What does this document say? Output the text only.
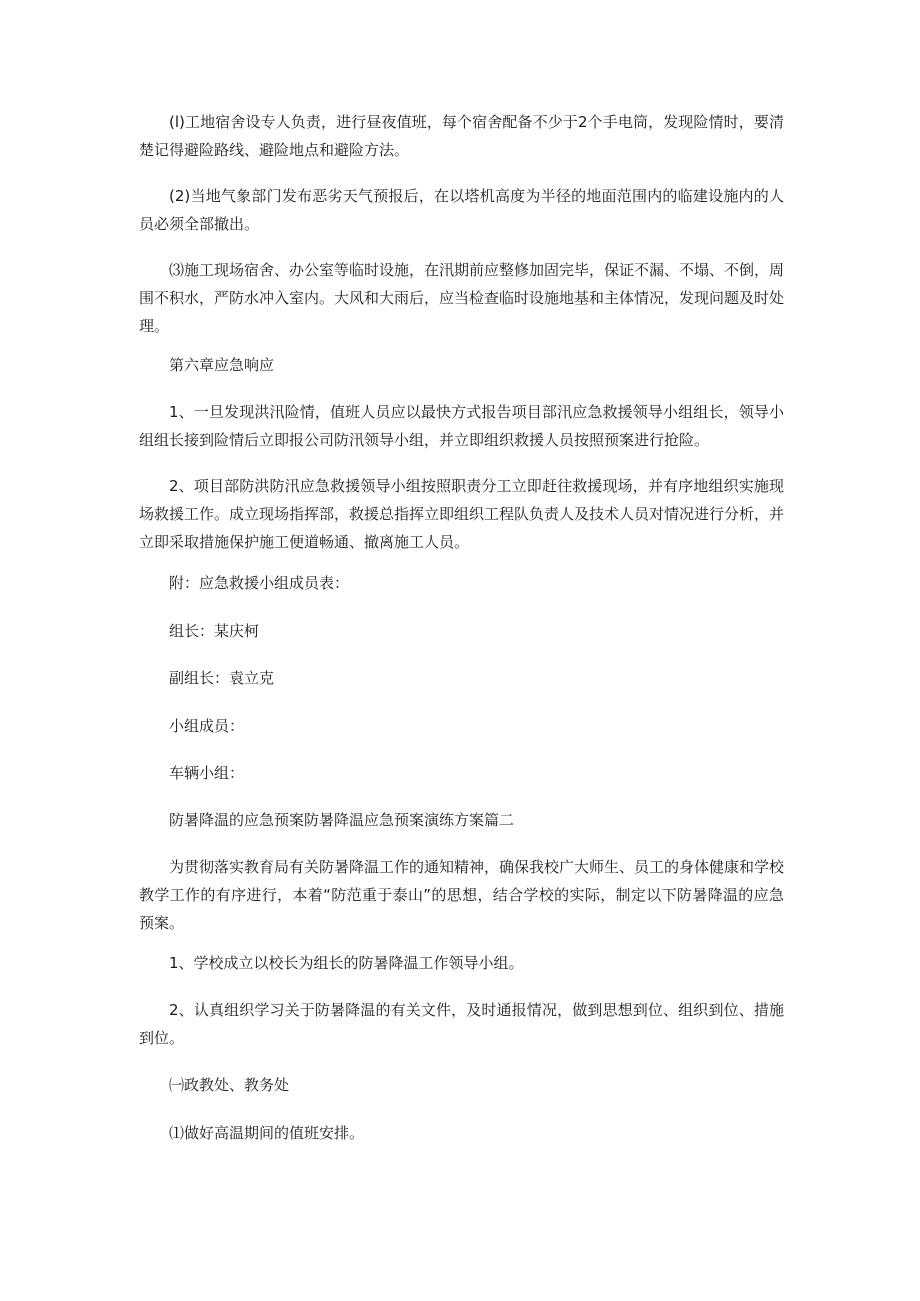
(l)工地宿舍设专人负责，进行昼夜值班，每个宿舍配备不少于2个手电筒，发现险情时，要清楚记得避险路线、避险地点和避险方法。

(2)当地气象部门发布恶劣天气预报后，在以塔机高度为半径的地面范围内的临建设施内的人员必须全部撤出。

⑶施工现场宿舍、办公室等临时设施，在汛期前应整修加固完毕，保证不漏、不塌、不倒，周围不积水，严防水冲入室内。大风和大雨后，应当检查临时设施地基和主体情况，发现问题及时处理。

第六章应急响应

1、一旦发现洪汛险情，值班人员应以最快方式报告项目部汛应急救援领导小组组长，领导小组组长接到险情后立即报公司防汛领导小组，并立即组织救援人员按照预案进行抢险。

2、项目部防洪防汛应急救援领导小组按照职责分工立即赶往救援现场，并有序地组织实施现场救援工作。成立现场指挥部，救援总指挥立即组织工程队负责人及技术人员对情况进行分析，并立即采取措施保护施工便道畅通、撤离施工人员。

附：应急救援小组成员表：

组长：某庆柯

副组长：袁立克

小组成员：

车辆小组：

防暑降温的应急预案防暑降温应急预案演练方案篇二

为贯彻落实教育局有关防暑降温工作的通知精神，确保我校广大师生、员工的身体健康和学校教学工作的有序进行，本着“防范重于泰山”的思想，结合学校的实际，制定以下防暑降温的应急预案。

1、学校成立以校长为组长的防暑降温工作领导小组。

2、认真组织学习关于防暑降温的有关文件，及时通报情况，做到思想到位、组织到位、措施到位。

㈠政教处、教务处

⑴做好高温期间的值班安排。
